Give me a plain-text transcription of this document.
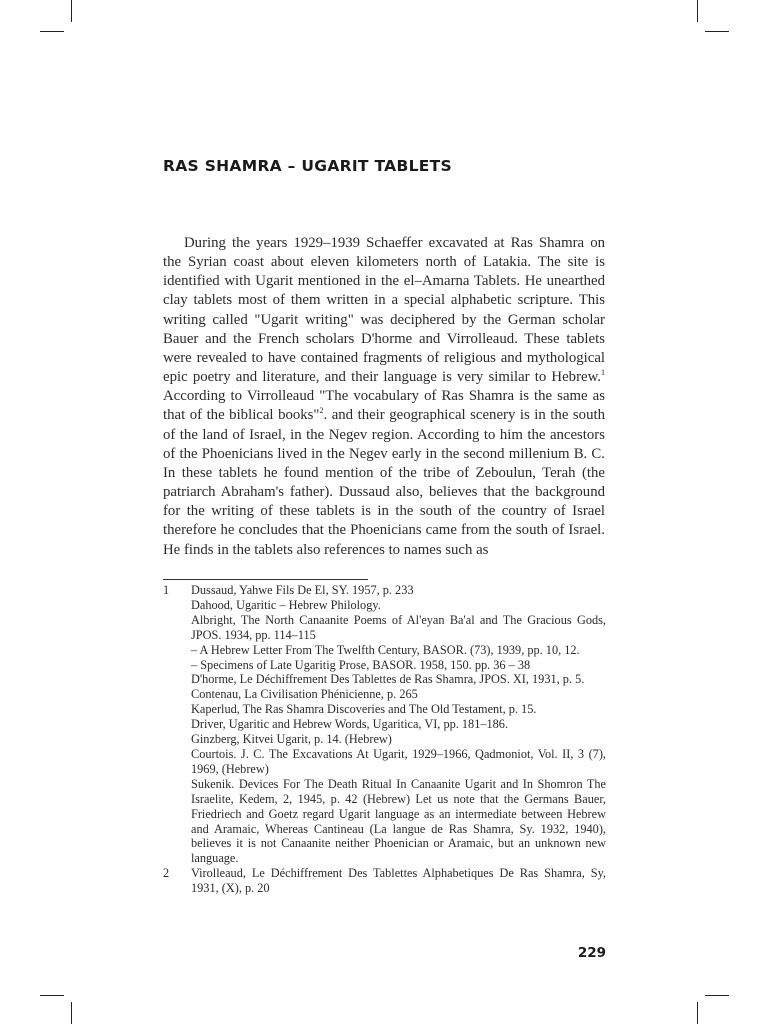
RAS SHAMRA – UGARIT TABLETS

During the years 1929–1939 Schaeffer excavated at Ras Shamra on the Syrian coast about eleven kilometers north of Latakia. The site is identified with Ugarit mentioned in the el–Amarna Tablets. He unearthed clay tablets most of them written in a special alphabetic scripture. This writing called "Ugarit writing" was deciphered by the German scholar Bauer and the French scholars D'horme and Virrolleaud. These tablets were revealed to have contained fragments of religious and mythological epic poetry and literature, and their language is very similar to Hebrew.$^1$ According to Virrolleaud "The vocabulary of Ras Shamra is the same as that of the biblical books"$^2$. and their geographical scenery is in the south of the land of Israel, in the Negev region. According to him the ancestors of the Phoenicians lived in the Negev early in the second millenium B. C. In these tablets he found mention of the tribe of Zeboulun, Terah (the patriarch Abraham's father). Dussaud also, believes that the background for the writing of these tablets is in the south of the country of Israel therefore he concludes that the Phoenicians came from the south of Israel. He finds in the tablets also references to names such as

1	Dussaud, Yahwe Fils De El, SY. 1957, p. 233
Dahood, Ugaritic – Hebrew Philology.
Albright, The North Canaanite Poems of Al'eyan Ba'al and The Gracious Gods, JPOS. 1934, pp. 114–115
– A Hebrew Letter From The Twelfth Century, BASOR. (73), 1939, pp. 10, 12.
– Specimens of Late Ugaritig Prose, BASOR. 1958, 150. pp. 36 – 38
D'horme, Le Déchiffrement Des Tablettes de Ras Shamra, JPOS. XI, 1931, p. 5.
Contenau, La Civilisation Phénicienne, p. 265
Kaperlud, The Ras Shamra Discoveries and The Old Testament, p. 15.
Driver, Ugaritic and Hebrew Words, Ugaritica, VI, pp. 181–186.
Ginzberg, Kitvei Ugarit, p. 14. (Hebrew)
Courtois. J. C. The Excavations At Ugarit, 1929–1966, Qadmoniot, Vol. II, 3 (7), 1969, (Hebrew)
Sukenik. Devices For The Death Ritual In Canaanite Ugarit and In Shomron The Israelite, Kedem, 2, 1945, p. 42 (Hebrew) Let us note that the Germans Bauer, Friedriech and Goetz regard Ugarit language as an intermediate between Hebrew and Aramaic, Whereas Cantineau (La langue de Ras Shamra, Sy. 1932, 1940), believes it is not Canaanite neither Phoenician or Aramaic, but an unknown new language.
2	Virolleaud, Le Déchiffrement Des Tablettes Alphabetiques De Ras Shamra, Sy, 1931, (X), p. 20
229
